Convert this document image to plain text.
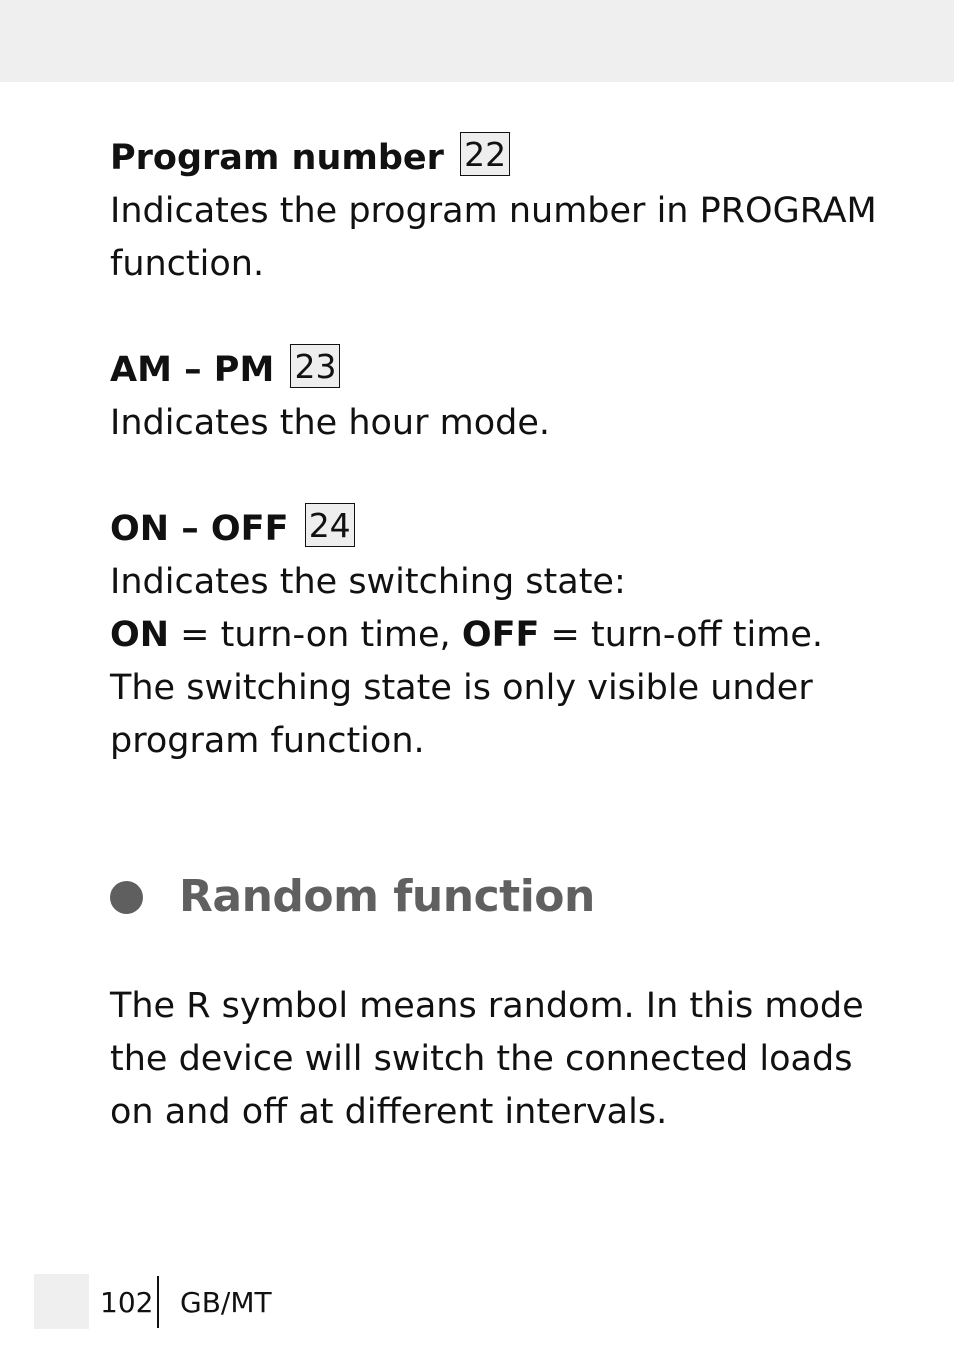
Program number 22

Indicates the program number in PROGRAM
function.

AM – PM 23

Indicates the hour mode.

ON – OFF 24

Indicates the switching state:
ON = turn-on time, OFF = turn-off time.
The switching state is only visible under
program function.

Random function

The R symbol means random. In this mode
the device will switch the connected loads
on and off at different intervals.

102 GB/MT
